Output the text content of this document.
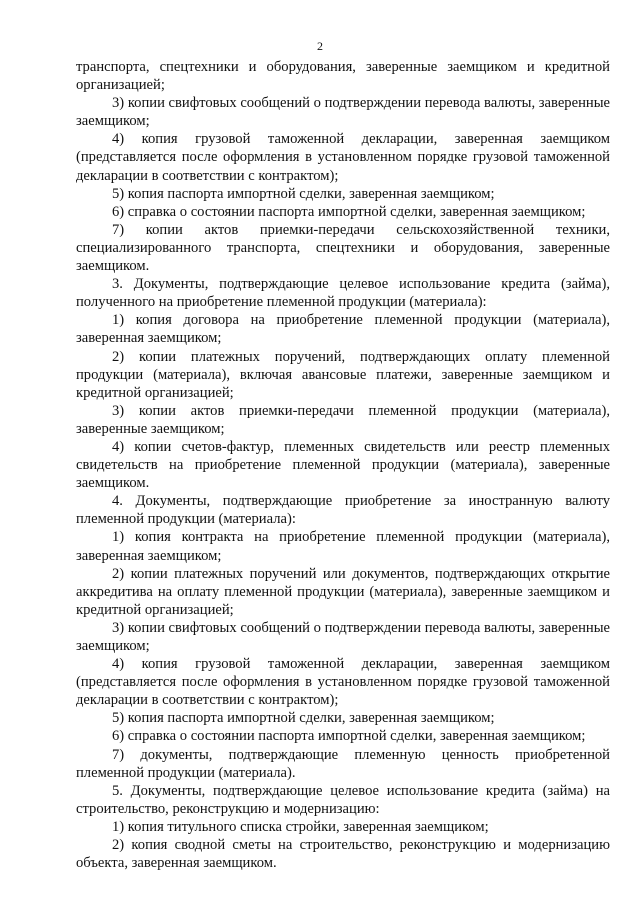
2

транспорта, спецтехники и оборудования, заверенные заемщиком и кредитной организацией;

3) копии свифтовых сообщений о подтверждении перевода валюты, заверенные заемщиком;

4) копия грузовой таможенной декларации, заверенная заемщиком (представляется после оформления в установленном порядке грузовой таможенной декларации в соответствии с контрактом);

5) копия паспорта импортной сделки, заверенная заемщиком;

6) справка о состоянии паспорта импортной сделки, заверенная заемщиком;

7) копии актов приемки-передачи сельскохозяйственной техники, специализированного транспорта, спецтехники и оборудования, заверенные заемщиком.

3. Документы, подтверждающие целевое использование кредита (займа), полученного на приобретение племенной продукции (материала):

1) копия договора на приобретение племенной продукции (материала), заверенная заемщиком;

2) копии платежных поручений, подтверждающих оплату племенной продукции (материала), включая авансовые платежи, заверенные заемщиком и кредитной организацией;

3) копии актов приемки-передачи племенной продукции (материала), заверенные заемщиком;

4) копии счетов-фактур, племенных свидетельств или реестр племенных свидетельств на приобретение племенной продукции (материала), заверенные заемщиком.

4. Документы, подтверждающие приобретение за иностранную валюту племенной продукции (материала):

1) копия контракта на приобретение племенной продукции (материала), заверенная заемщиком;

2) копии платежных поручений или документов, подтверждающих открытие аккредитива на оплату племенной продукции (материала), заверенные заемщиком и кредитной организацией;

3) копии свифтовых сообщений о подтверждении перевода валюты, заверенные заемщиком;

4) копия грузовой таможенной декларации, заверенная заемщиком (представляется после оформления в установленном порядке грузовой таможенной декларации в соответствии с контрактом);

5) копия паспорта импортной сделки, заверенная заемщиком;

6) справка о состоянии паспорта импортной сделки, заверенная заемщиком;

7) документы, подтверждающие племенную ценность приобретенной племенной продукции (материала).

5. Документы, подтверждающие целевое использование кредита (займа) на строительство, реконструкцию и модернизацию:

1) копия титульного списка стройки, заверенная заемщиком;

2) копия сводной сметы на строительство, реконструкцию и модернизацию объекта, заверенная заемщиком.
